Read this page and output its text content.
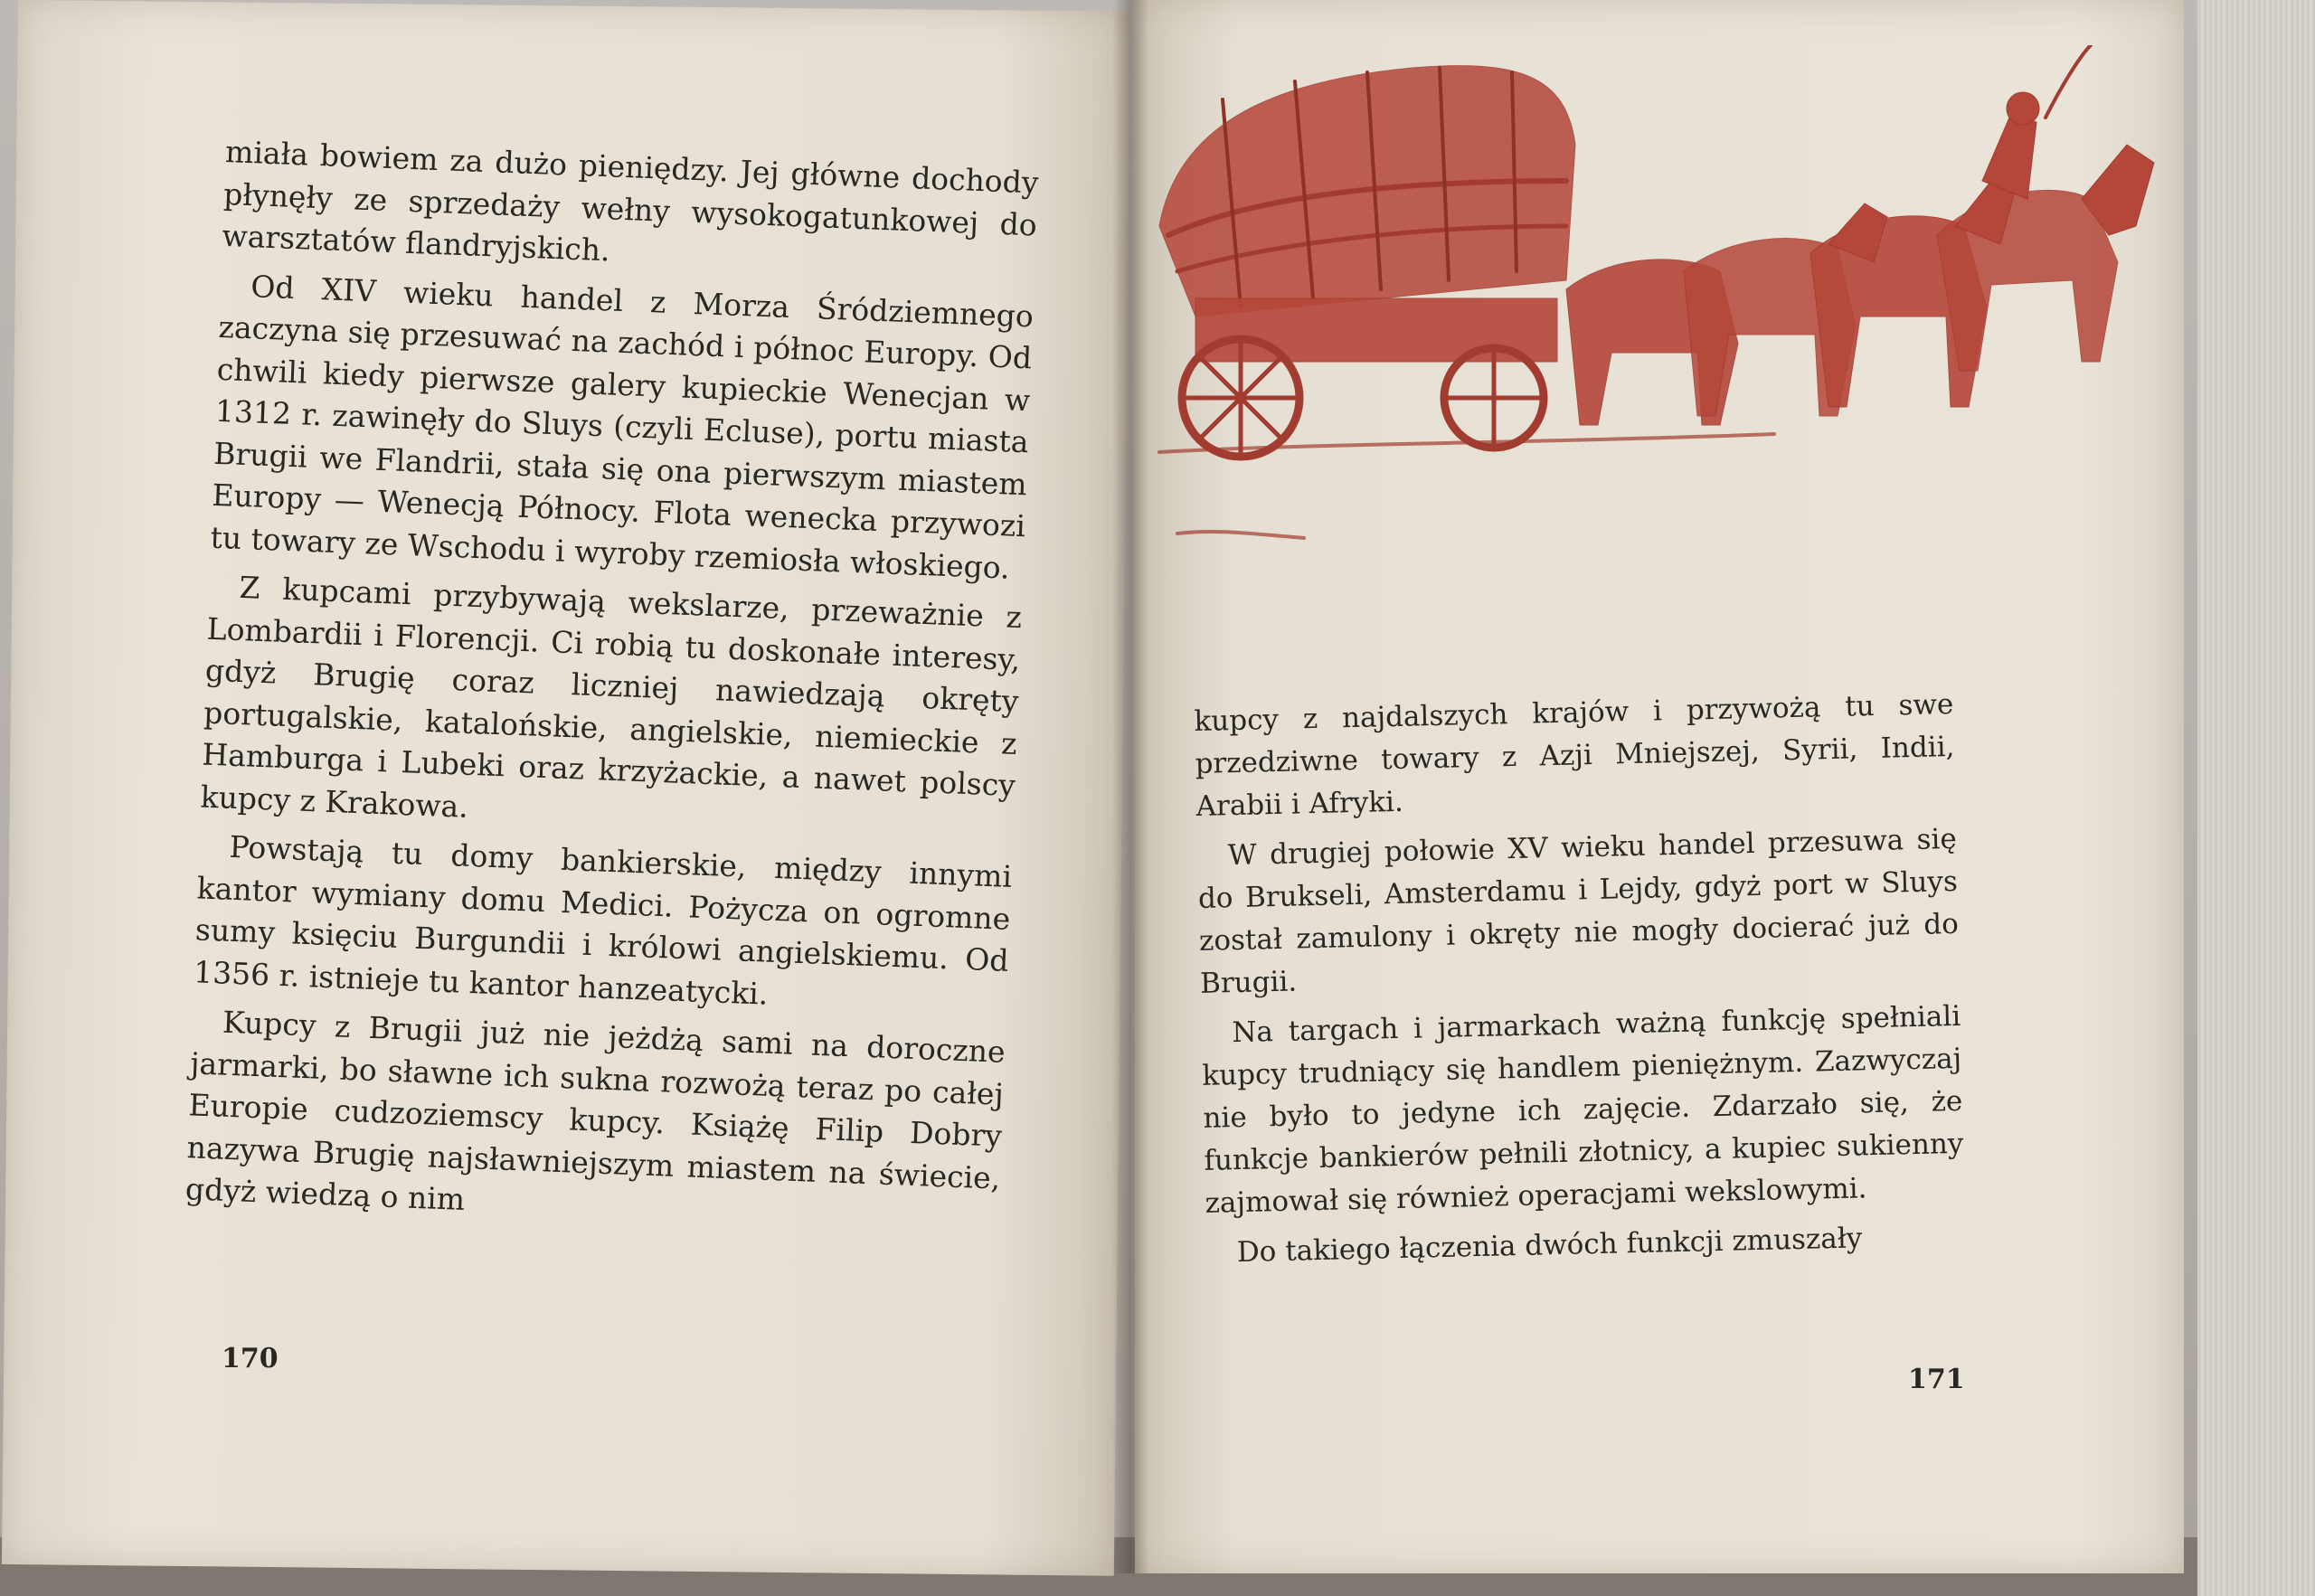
miała bowiem za dużo pieniędzy. Jej główne dochody płynęły ze sprzedaży wełny wysokogatunkowej do warsztatów flandryjskich.

Od XIV wieku handel z Morza Śródziemnego zaczyna się przesuwać na zachód i północ Europy. Od chwili kiedy pierwsze galery kupieckie Wenecjan w 1312 r. zawinęły do Sluys (czyli Ecluse), portu miasta Brugii we Flandrii, stała się ona pierwszym miastem Europy — Wenecją Północy. Flota wenecka przywozi tu towary ze Wschodu i wyroby rzemiosła włoskiego.

Z kupcami przybywają wekslarze, przeważnie z Lombardii i Florencji. Ci robią tu doskonałe interesy, gdyż Brugię coraz liczniej nawiedzają okręty portugalskie, katalońskie, angielskie, niemieckie z Hamburga i Lubeki oraz krzyżackie, a nawet polscy kupcy z Krakowa.

Powstają tu domy bankierskie, między innymi kantor wymiany domu Medici. Pożycza on ogromne sumy księciu Burgundii i królowi angielskiemu. Od 1356 r. istnieje tu kantor hanzeatycki.

Kupcy z Brugii już nie jeżdżą sami na doroczne jarmarki, bo sławne ich sukna rozwożą teraz po całej Europie cudzoziemscy kupcy. Książę Filip Dobry nazywa Brugię najsławniejszym miastem na świecie, gdyż wiedzą o nim

170

kupcy z najdalszych krajów i przywożą tu swe przedziwne towary z Azji Mniejszej, Syrii, Indii, Arabii i Afryki.

W drugiej połowie XV wieku handel przesuwa się do Brukseli, Amsterdamu i Lejdy, gdyż port w Sluys został zamulony i okręty nie mogły docierać już do Brugii.

Na targach i jarmarkach ważną funkcję spełniali kupcy trudniący się handlem pieniężnym. Zazwyczaj nie było to jedyne ich zajęcie. Zdarzało się, że funkcje bankierów pełnili złotnicy, a kupiec sukienny zajmował się również operacjami wekslowymi.

Do takiego łączenia dwóch funkcji zmuszały

171
